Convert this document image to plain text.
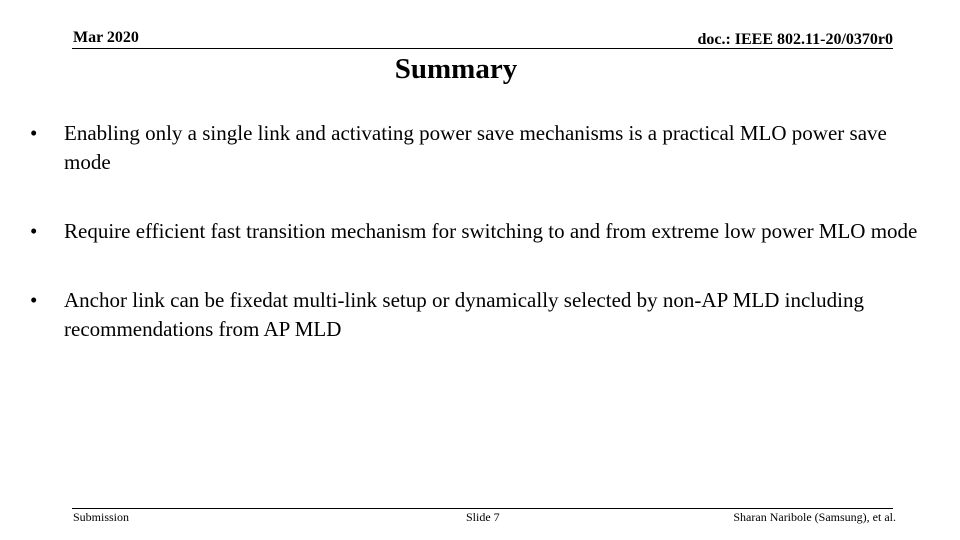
Mar 2020	doc.: IEEE 802.11-20/0370r0
Summary
• Enabling only a single link and activating power save mechanisms is a practical MLO power save mode
• Require efficient fast transition mechanism for switching to and from extreme low power MLO mode
• Anchor link can be fixedat multi-link setup or dynamically selected by non-AP MLD including recommendations from AP MLD
Submission	Slide 7	Sharan Naribole (Samsung), et al.
